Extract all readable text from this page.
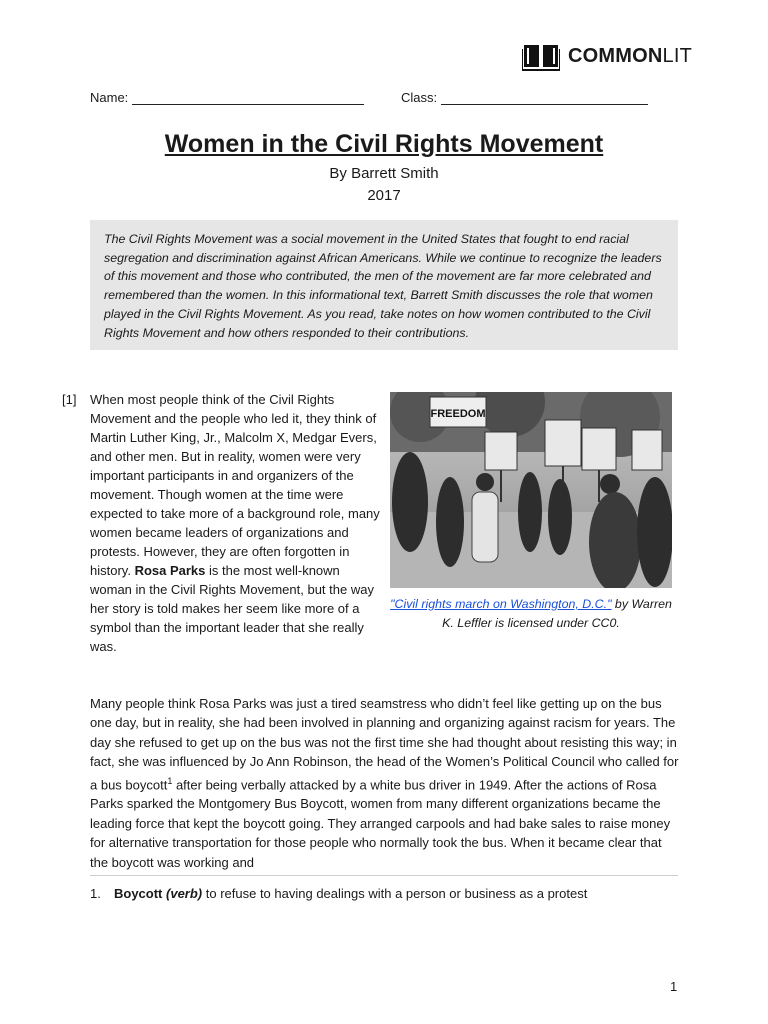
COMMONLIT
Name:	Class:
Women in the Civil Rights Movement
By Barrett Smith
2017
The Civil Rights Movement was a social movement in the United States that fought to end racial segregation and discrimination against African Americans. While we continue to recognize the leaders of this movement and those who contributed, the men of the movement are far more celebrated and remembered than the women. In this informational text, Barrett Smith discusses the role that women played in the Civil Rights Movement. As you read, take notes on how women contributed to the Civil Rights Movement and how others responded to their contributions.
[1] When most people think of the Civil Rights Movement and the people who led it, they think of Martin Luther King, Jr., Malcolm X, Medgar Evers, and other men. But in reality, women were very important participants in and organizers of the movement. Though women at the time were expected to take more of a background role, many women became leaders of organizations and protests. However, they are often forgotten in history. Rosa Parks is the most well-known woman in the Civil Rights Movement, but the way her story is told makes her seem like more of a symbol than the important leader that she really was.
FREEDOM
"Civil rights march on Washington, D.C." by Warren K. Leffler is licensed under CC0.
Many people think Rosa Parks was just a tired seamstress who didn’t feel like getting up on the bus one day, but in reality, she had been involved in planning and organizing against racism for years. The day she refused to get up on the bus was not the first time she had thought about resisting this way; in fact, she was influenced by Jo Ann Robinson, the head of the Women’s Political Council who called for a bus boycott$^1$ after being verbally attacked by a white bus driver in 1949. After the actions of Rosa Parks sparked the Montgomery Bus Boycott, women from many different organizations became the leading force that kept the boycott going. They arranged carpools and had bake sales to raise money for alternative transportation for those people who normally took the bus. When it became clear that the boycott was working and
1. Boycott (verb) to refuse to having dealings with a person or business as a protest
1
